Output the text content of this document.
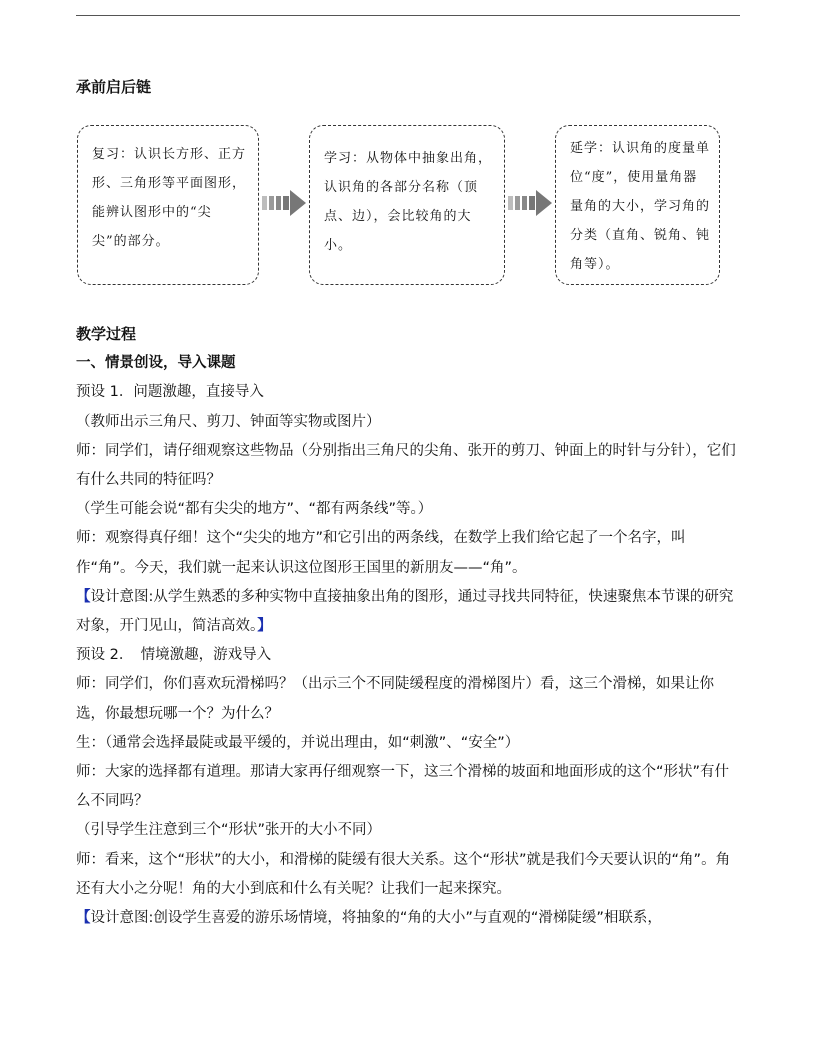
承前启后链
复习：认识长方形、正方形、三角形等平面图形，能辨认图形中的“尖尖”的部分。
学习：从物体中抽象出角，认识角的各部分名称（顶点、边），会比较角的大小。
延学：认识角的度量单位“度”，使用量角器量角的大小，学习角的分类（直角、锐角、钝角等）。

教学过程

一、情景创设，导入课题

预设 1．问题激趣，直接导入

（教师出示三角尺、剪刀、钟面等实物或图片）

师：同学们，请仔细观察这些物品（分别指出三角尺的尖角、张开的剪刀、钟面上的时针与分针），它们有什么共同的特征吗？

（学生可能会说“都有尖尖的地方”、“都有两条线”等。）

师：观察得真仔细！这个“尖尖的地方”和它引出的两条线，在数学上我们给它起了一个名字，叫作“角”。今天，我们就一起来认识这位图形王国里的新朋友——“角”。

【设计意图:从学生熟悉的多种实物中直接抽象出角的图形，通过寻找共同特征，快速聚焦本节课的研究对象，开门见山，简洁高效。】

预设 2．　情境激趣，游戏导入

师：同学们，你们喜欢玩滑梯吗？（出示三个不同陡缓程度的滑梯图片）看，这三个滑梯，如果让你选，你最想玩哪一个？为什么？

生：（通常会选择最陡或最平缓的，并说出理由，如“刺激”、“安全”）

师：大家的选择都有道理。那请大家再仔细观察一下，这三个滑梯的坡面和地面形成的这个“形状”有什么不同吗？

（引导学生注意到三个“形状”张开的大小不同）

师：看来，这个“形状”的大小，和滑梯的陡缓有很大关系。这个“形状”就是我们今天要认识的“角”。角还有大小之分呢！角的大小到底和什么有关呢？让我们一起来探究。

【设计意图:创设学生喜爱的游乐场情境，将抽象的“角的大小”与直观的“滑梯陡缓”相联系，
